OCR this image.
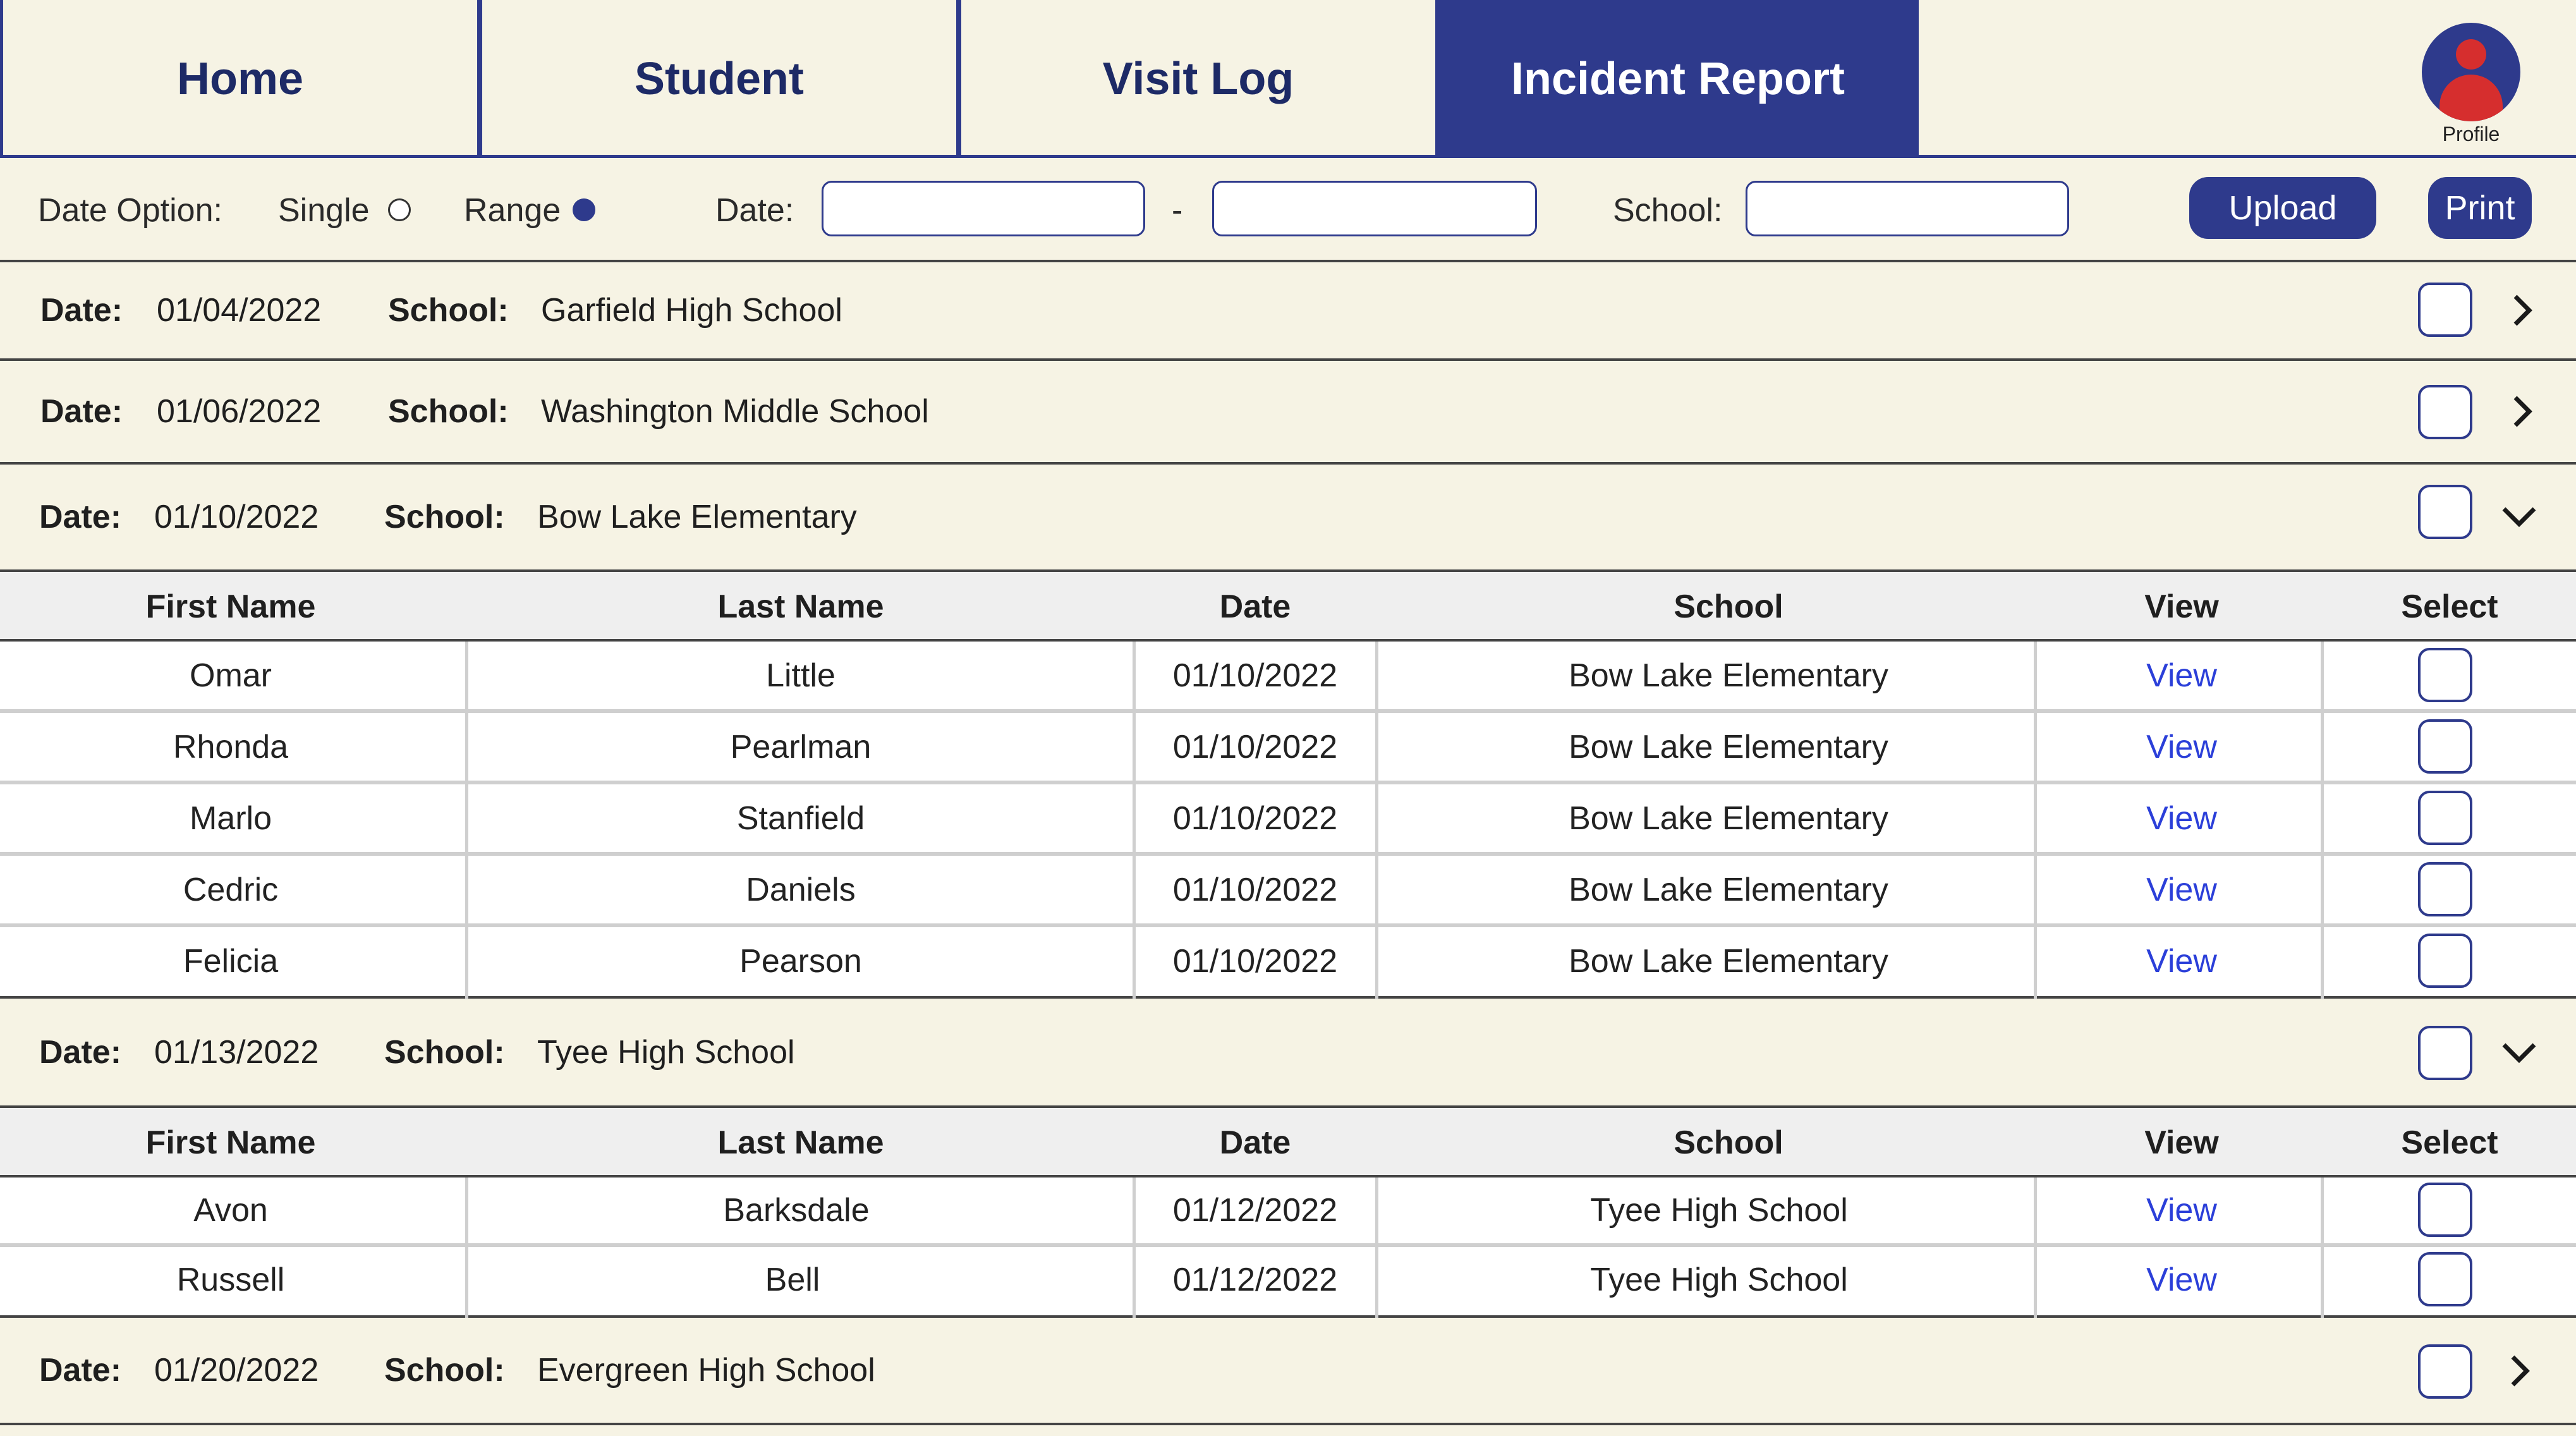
Home	Student	Visit Log	Incident Report
Profile
Date Option: Single	Range	Date:	-	School:	Upload	Print
Date: 01/04/2022 School: Garfield High School
Date: 01/06/2022 School: Washington Middle School
Date: 01/10/2022 School: Bow Lake Elementary
First Name	Last Name	Date	School	View	Select
Omar	Little	01/10/2022	Bow Lake Elementary	View
Rhonda	Pearlman	01/10/2022	Bow Lake Elementary	View
Marlo	Stanfield	01/10/2022	Bow Lake Elementary	View
Cedric	Daniels	01/10/2022	Bow Lake Elementary	View
Felicia	Pearson	01/10/2022	Bow Lake Elementary	View
Date: 01/13/2022 School: Tyee High School
First Name	Last Name	Date	School	View	Select
Avon	Barksdale	01/12/2022	Tyee High School	View
Russell	Bell	01/12/2022	Tyee High School	View
Date: 01/20/2022 School: Evergreen High School
